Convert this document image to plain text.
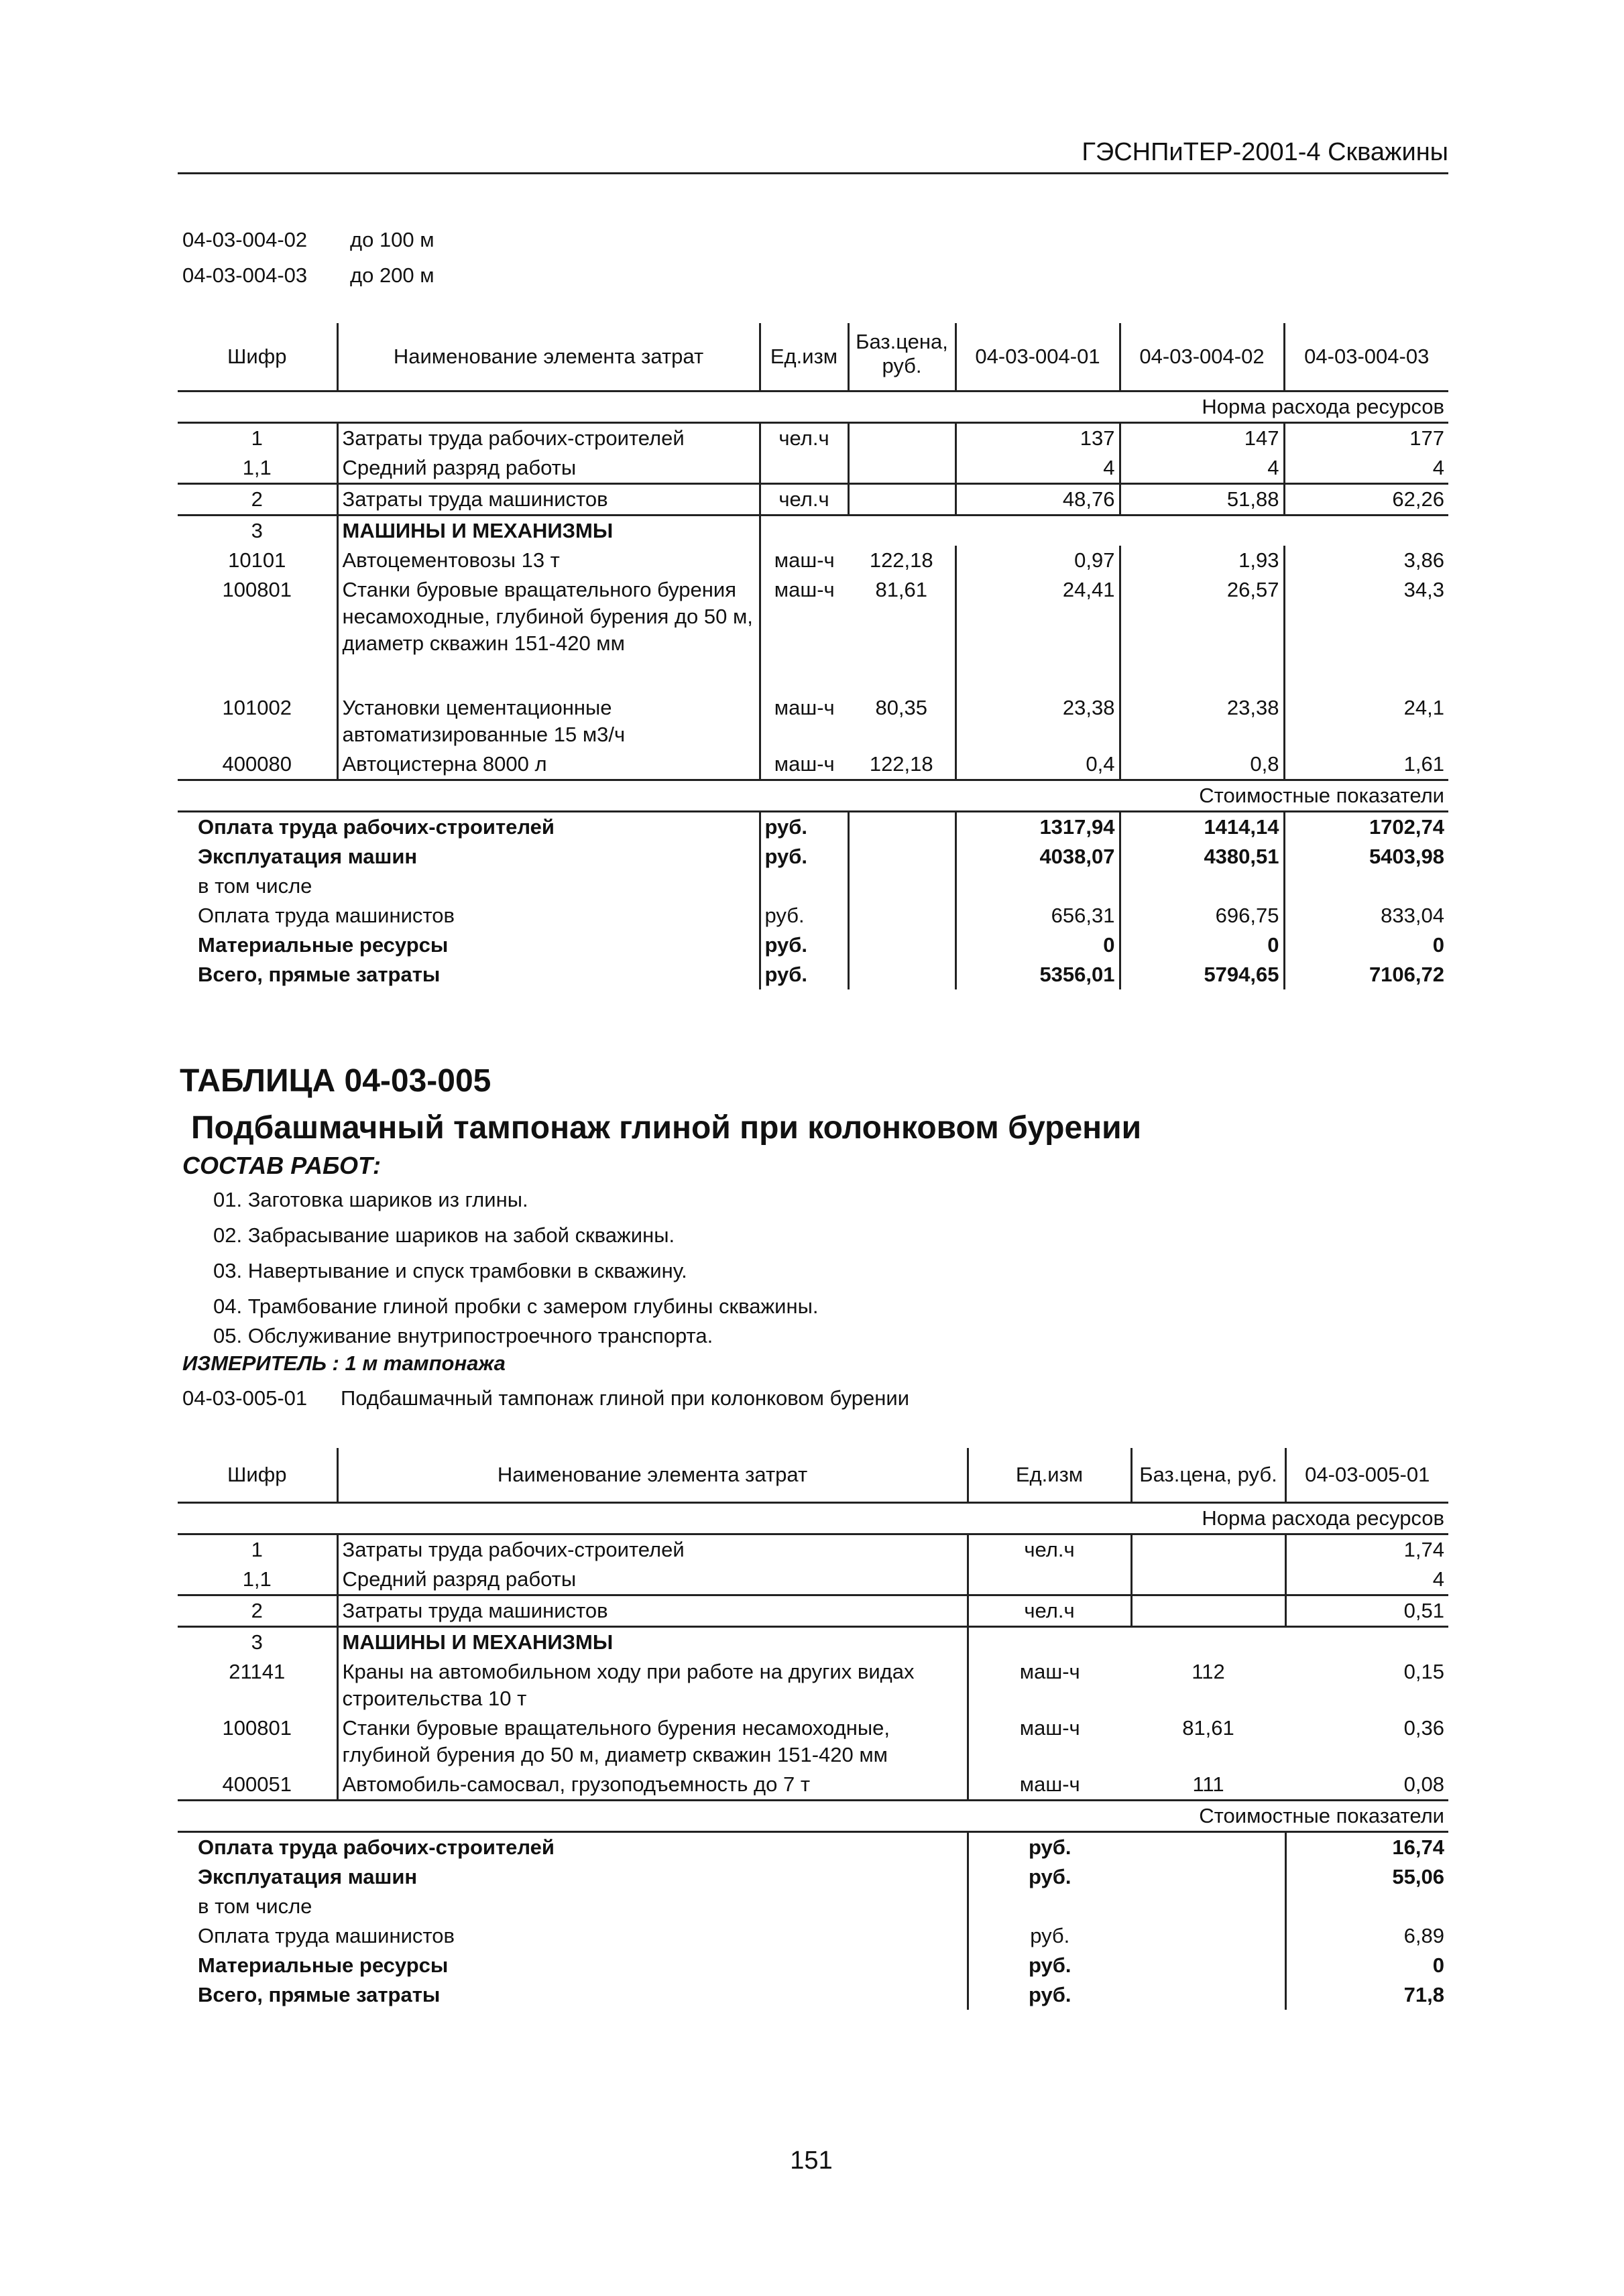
ГЭСНПиТЕР-2001-4 Скважины
04-03-004-02 до 100 м
04-03-004-03 до 200 м
Шифр	Наименование элемента затрат	Ед.изм	Баз.цена, руб.	04-03-004-01	04-03-004-02	04-03-004-03
Норма расхода ресурсов						
1	Затраты труда рабочих-строителей	чел.ч		137	147	177
1,1	Средний разряд работы			4	4	4
2	Затраты труда машинистов	чел.ч		48,76	51,88	62,26
3	МАШИНЫ И МЕХАНИЗМЫ					
10101	Автоцементовозы 13 т	маш-ч	122,18	0,97	1,93	3,86
100801	Станки буровые вращательного бурения несамоходные, глубиной бурения до 50 м, диаметр скважин 151-420 мм	маш-ч	81,61	24,41	26,57	34,3
101002	Установки цементационные автоматизированные 15 м3/ч	маш-ч	80,35	23,38	23,38	24,1
400080	Автоцистерна 8000 л	маш-ч	122,18	0,4	0,8	1,61
Стоимостные показатели						
Оплата труда рабочих-строителей		руб.		1317,94	1414,14	1702,74
Эксплуатация машин		руб.		4038,07	4380,51	5403,98
в том числе						
Оплата труда машинистов		руб.		656,31	696,75	833,04
Материальные ресурсы		руб.		0	0	0
Всего, прямые затраты		руб.		5356,01	5794,65	7106,72
ТАБЛИЦА 04-03-005
Подбашмачный тампонаж глиной при колонковом бурении
СОСТАВ РАБОТ:
01. Заготовка шариков из глины.
02. Забрасывание шариков на забой скважины.
03. Навертывание и спуск трамбовки в скважину.
04. Трамбование глиной пробки с замером глубины скважины.
05. Обслуживание внутрипостроечного транспорта.
ИЗМЕРИТЕЛЬ : 1 м тампонажа
04-03-005-01 Подбашмачный тампонаж глиной при колонковом бурении
Шифр	Наименование элемента затрат	Ед.изм	Баз.цена, руб.	04-03-005-01
Норма расхода ресурсов				
1	Затраты труда рабочих-строителей	чел.ч		1,74
1,1	Средний разряд работы			4
2	Затраты труда машинистов	чел.ч		0,51
3	МАШИНЫ И МЕХАНИЗМЫ			
21141	Краны на автомобильном ходу при работе на других видах строительства 10 т	маш-ч	112	0,15
100801	Станки буровые вращательного бурения несамоходные, глубиной бурения до 50 м, диаметр скважин 151-420 мм	маш-ч	81,61	0,36
400051	Автомобиль-самосвал, грузоподъемность до 7 т	маш-ч	111	0,08
Стоимостные показатели				
Оплата труда рабочих-строителей		руб.		16,74
Эксплуатация машин		руб.		55,06
в том числе				
Оплата труда машинистов		руб.		6,89
Материальные ресурсы		руб.		0
Всего, прямые затраты		руб.		71,8
151
